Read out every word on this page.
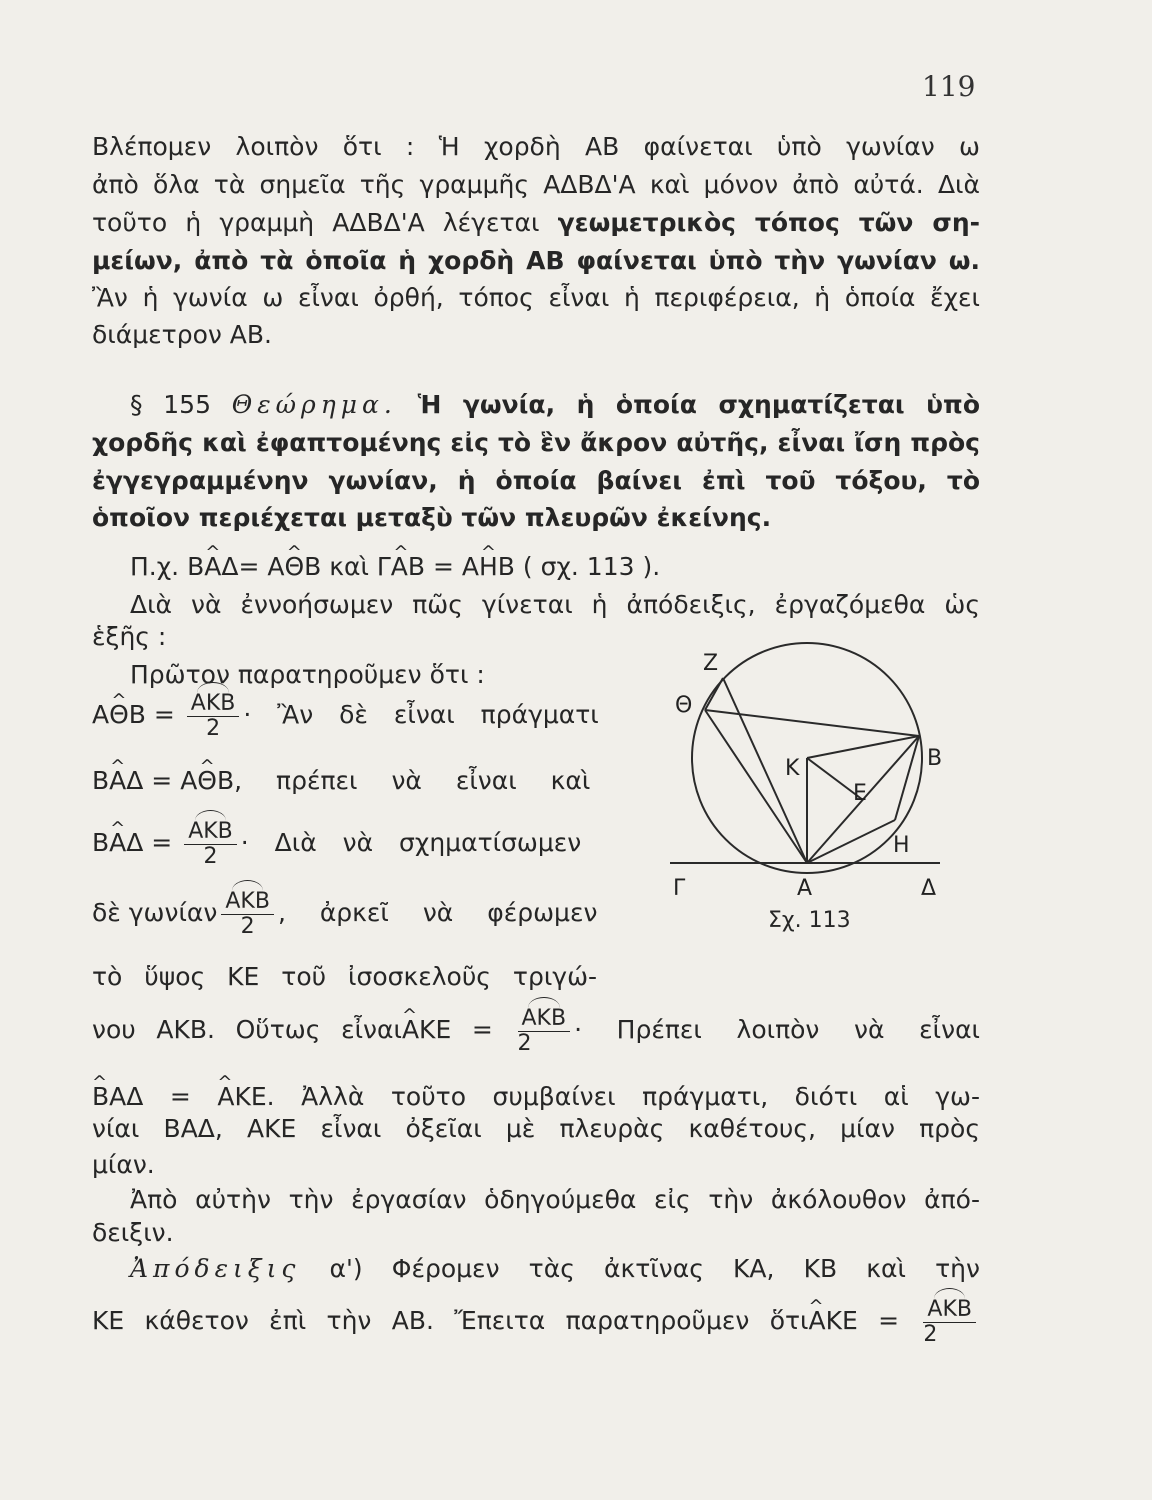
119
Βλέπομεν λοιπὸν ὅτι : Ἡ χορδὴ ΑΒ φαίνεται ὑπὸ γωνίαν ω
ἀπὸ ὅλα τὰ σημεῖα τῆς γραμμῆς ΑΔΒΔ'Α καὶ μόνον ἀπὸ αὐτά. Διὰ
τοῦτο ἡ γραμμὴ ΑΔΒΔ'Α λέγεται γεωμετρικὸς τόπος τῶν ση-
μείων, ἀπὸ τὰ ὁποῖα ἡ χορδὴ ΑΒ φαίνεται ὑπὸ τὴν γωνίαν ω.
Ἂν ἡ γωνία ω εἶναι ὀρθή, τόπος εἶναι ἡ περιφέρεια, ἡ ὁποία ἔχει
διάμετρον ΑΒ.
§ 155 Θεώρημα. Ἡ γωνία, ἡ ὁποία σχηματίζεται ὑπὸ
χορδῆς καὶ ἐφαπτομένης εἰς τὸ ἓν ἄκρον αὐτῆς, εἶναι ἴση πρὸς
ἐγγεγραμμένην γωνίαν, ἡ ὁποία βαίνει ἐπὶ τοῦ τόξου, τὸ
ὁποῖον περιέχεται μεταξὺ τῶν πλευρῶν ἐκείνης.
Π.χ. ^ ΒΑΔ= ^ ΑΘΒ καὶ ^ ΓΑΒ = ^ ΑΗΒ ( σχ. 113 ).
Διὰ νὰ ἐννοήσωμεν πῶς γίνεται ἡ ἀπόδειξις, ἐργαζόμεθα ὡς
ἑξῆς :
Πρῶτον παρατηροῦμεν ὅτι :
^ $A\Theta B = \frac{\text{ΑΚΒ}}{2}$ · Ἂν δὲ εἶναι πράγματι
^ ΒΑΔ = ^ ΑΘΒ, πρέπει νὰ εἶναι καὶ
^ $BA\Delta = \frac{\text{ΑΚΒ}}{2}$ · Διὰ νὰ σχηματίσωμεν
δὲ γωνίαν $\frac{\text{ΑΚΒ}}{2}$ , ἀρκεῖ νὰ φέρωμεν
τὸ ὕψος ΚΕ τοῦ ἰσοσκελοῦς τριγώ-
νου ΑΚΒ. Οὕτως εἶναι^ $AKE = \frac{\text{ΑΚΒ}}{2} \cdot \Pi\rho έ\pi\varepsilon\iota$ λοιπὸν νὰ εἶναι
^ ΒΑΔ = ^ ΑΚΕ. Ἀλλὰ τοῦτο συμβαίνει πράγματι, διότι αἱ γω-
νίαι ΒΑΔ, ΑΚΕ εἶναι ὀξεῖαι μὲ πλευρὰς καθέτους, μίαν πρὸς
μίαν.
Ἀπὸ αὐτὴν τὴν ἐργασίαν ὁδηγούμεθα εἰς τὴν ἀκόλουθον ἀπό-
δειξιν.
Ἀπόδειξις α') Φέρομεν τὰς ἀκτῖνας ΚΑ, ΚΒ καὶ τὴν
ΚΕ κάθετον ἐπὶ τὴν ΑΒ. Ἔπειτα παρατηροῦμεν ὅτι^ $AKE = \frac{\text{ΑΚΒ}}{2}$
Z
Θ
B
K
E
H
Γ	A	Δ
Σχ. 113
